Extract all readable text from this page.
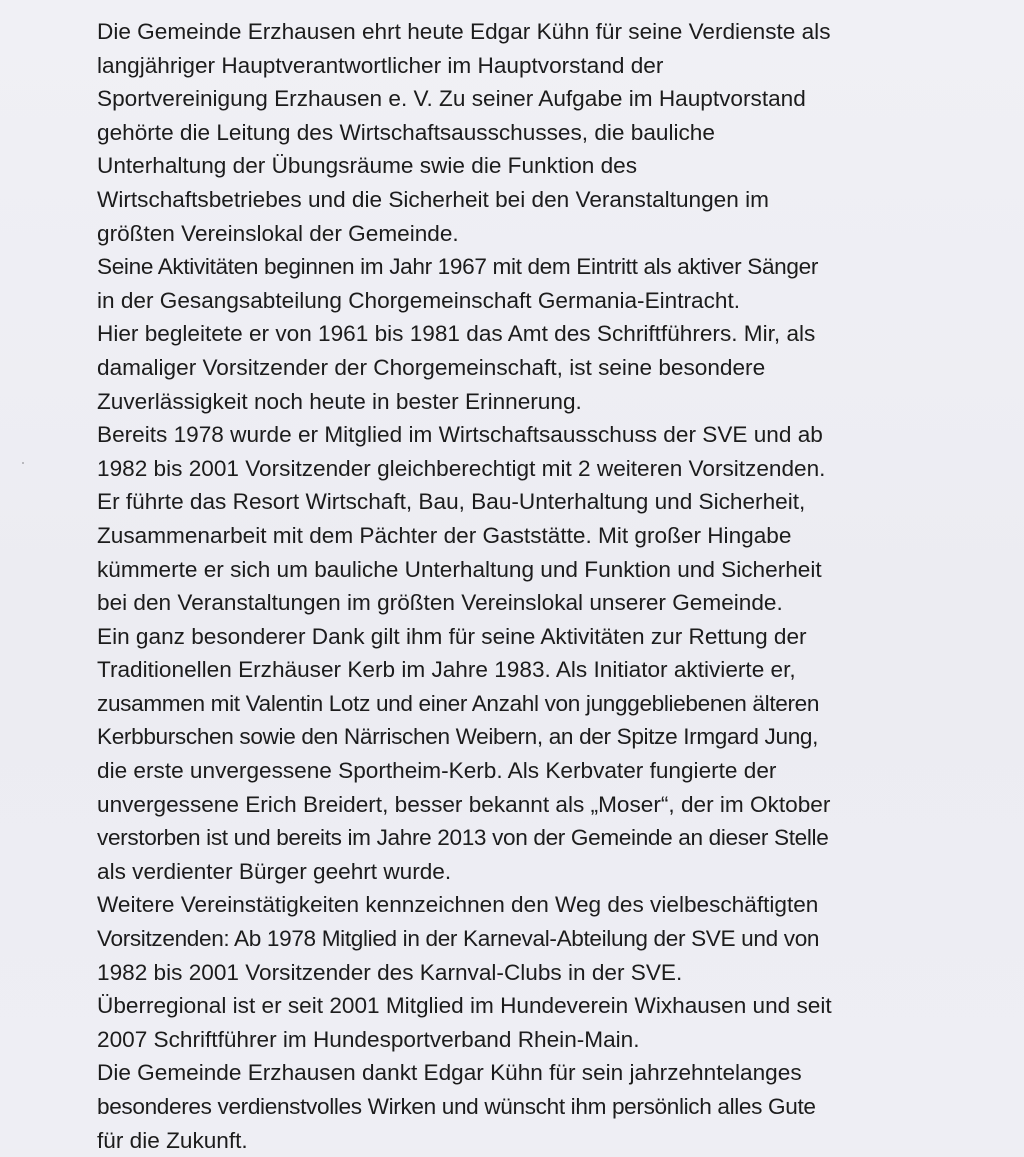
Die Gemeinde Erzhausen ehrt heute Edgar Kühn für seine Verdienste als
langjähriger Hauptverantwortlicher im Hauptvorstand der
Sportvereinigung Erzhausen e. V. Zu seiner Aufgabe im Hauptvorstand
gehörte die Leitung des Wirtschaftsausschusses, die bauliche
Unterhaltung der Übungsräume swie die Funktion des
Wirtschaftsbetriebes und die Sicherheit bei den Veranstaltungen im
größten Vereinslokal der Gemeinde.
Seine Aktivitäten beginnen im Jahr 1967 mit dem Eintritt als aktiver Sänger
in der Gesangsabteilung Chorgemeinschaft Germania-Eintracht.
Hier begleitete er von 1961 bis 1981 das Amt des Schriftführers. Mir, als
damaliger Vorsitzender der Chorgemeinschaft, ist seine besondere
Zuverlässigkeit noch heute in bester Erinnerung.
Bereits 1978 wurde er Mitglied im Wirtschaftsausschuss der SVE und ab
1982 bis 2001 Vorsitzender gleichberechtigt mit 2 weiteren Vorsitzenden.
Er führte das Resort Wirtschaft, Bau, Bau-Unterhaltung und Sicherheit,
Zusammenarbeit mit dem Pächter der Gaststätte. Mit großer Hingabe
kümmerte er sich um bauliche Unterhaltung und Funktion und Sicherheit
bei den Veranstaltungen im größten Vereinslokal unserer Gemeinde.
Ein ganz besonderer Dank gilt ihm für seine Aktivitäten zur Rettung der
Traditionellen Erzhäuser Kerb im Jahre 1983. Als Initiator aktivierte er,
zusammen mit Valentin Lotz und einer Anzahl von junggebliebenen älteren
Kerbburschen sowie den Närrischen Weibern, an der Spitze Irmgard Jung,
die erste unvergessene Sportheim-Kerb. Als Kerbvater fungierte der
unvergessene Erich Breidert, besser bekannt als „Moser“, der im Oktober
verstorben ist und bereits im Jahre 2013 von der Gemeinde an dieser Stelle
als verdienter Bürger geehrt wurde.
Weitere Vereinstätigkeiten kennzeichnen den Weg des vielbeschäftigten
Vorsitzenden: Ab 1978 Mitglied in der Karneval-Abteilung der SVE und von
1982 bis 2001 Vorsitzender des Karnval-Clubs in der SVE.
Überregional ist er seit 2001 Mitglied im Hundeverein Wixhausen und seit
2007 Schriftführer im Hundesportverband Rhein-Main.
Die Gemeinde Erzhausen dankt Edgar Kühn für sein jahrzehntelanges
besonderes verdienstvolles Wirken und wünscht ihm persönlich alles Gute
für die Zukunft.
